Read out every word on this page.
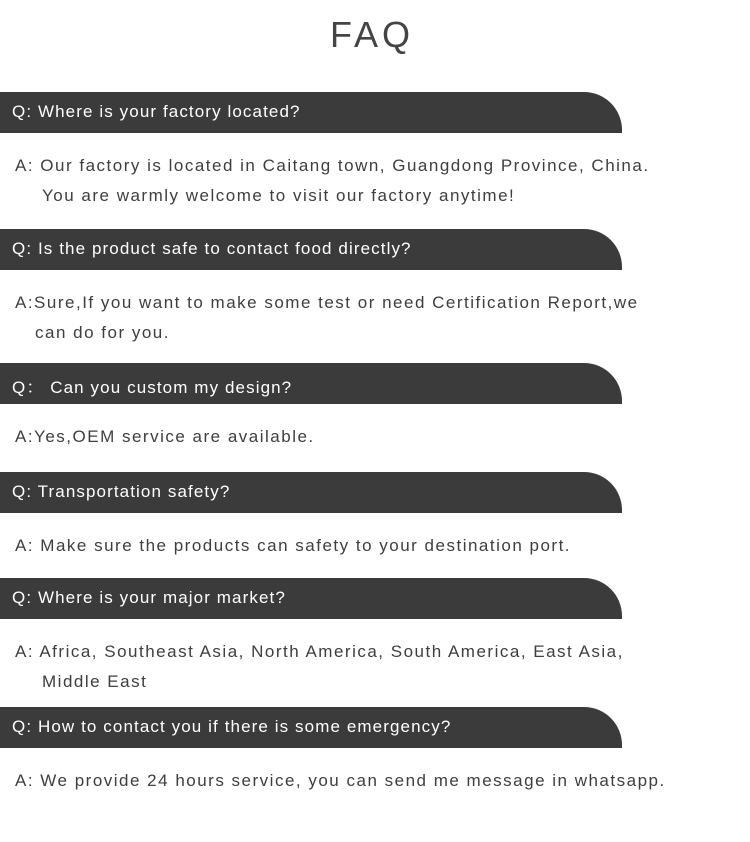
FAQ
Q: Where is your factory located?
A: Our factory is located in Caitang town, Guangdong Province, China.
You are warmly welcome to visit our factory anytime!
Q: Is the product safe to contact food directly?
A:Sure,If you want to make some test or need Certification Report,we
can do for you.
Q： Can you custom my design?
A:Yes,OEM service are available.
Q: Transportation safety?
A: Make sure the products can safety to your destination port.
Q: Where is your major market?
A: Africa, Southeast Asia, North America, South America, East Asia,
Middle East
Q: How to contact you if there is some emergency?
A: We provide 24 hours service, you can send me message in whatsapp.
